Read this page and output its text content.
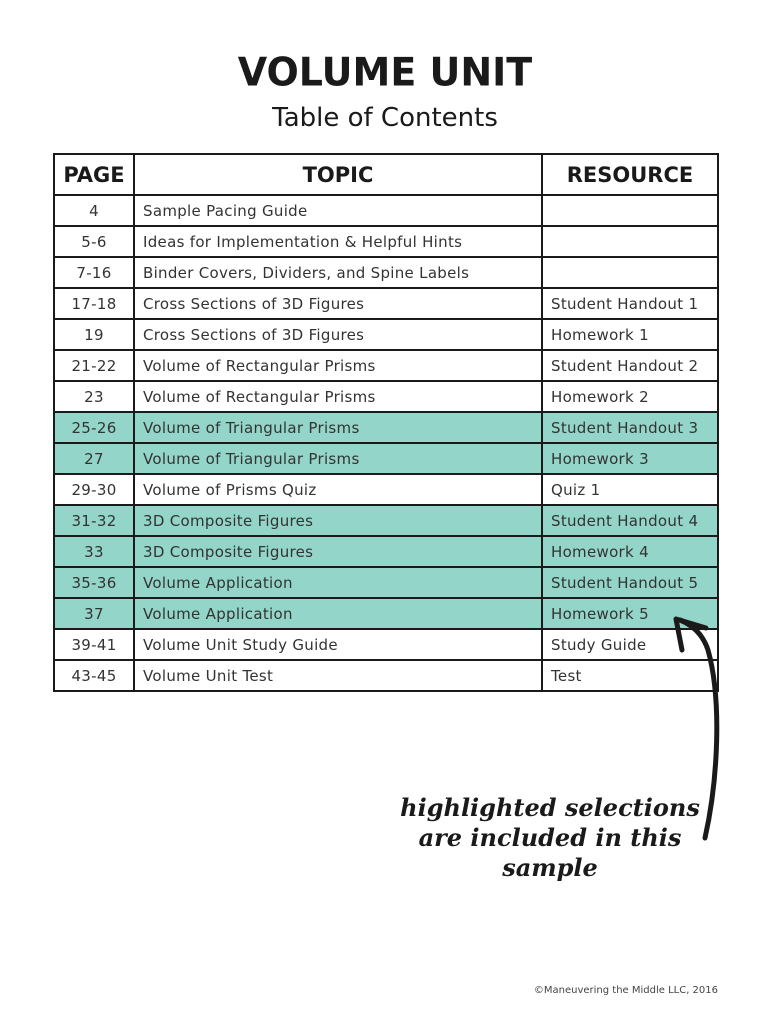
VOLUME UNIT
Table of Contents
PAGE	TOPIC	RESOURCE
4	Sample Pacing Guide	
5-6	Ideas for Implementation & Helpful Hints	
7-16	Binder Covers, Dividers, and Spine Labels	
17-18	Cross Sections of 3D Figures	Student Handout 1
19	Cross Sections of 3D Figures	Homework 1
21-22	Volume of Rectangular Prisms	Student Handout 2
23	Volume of Rectangular Prisms	Homework 2
25-26	Volume of Triangular Prisms	Student Handout 3
27	Volume of Triangular Prisms	Homework 3
29-30	Volume of Prisms Quiz	Quiz 1
31-32	3D Composite Figures	Student Handout 4
33	3D Composite Figures	Homework 4
35-36	Volume Application	Student Handout 5
37	Volume Application	Homework 5
39-41	Volume Unit Study Guide	Study Guide
43-45	Volume Unit Test	Test
highlighted selections
are included in this
sample
©Maneuvering the Middle LLC, 2016
